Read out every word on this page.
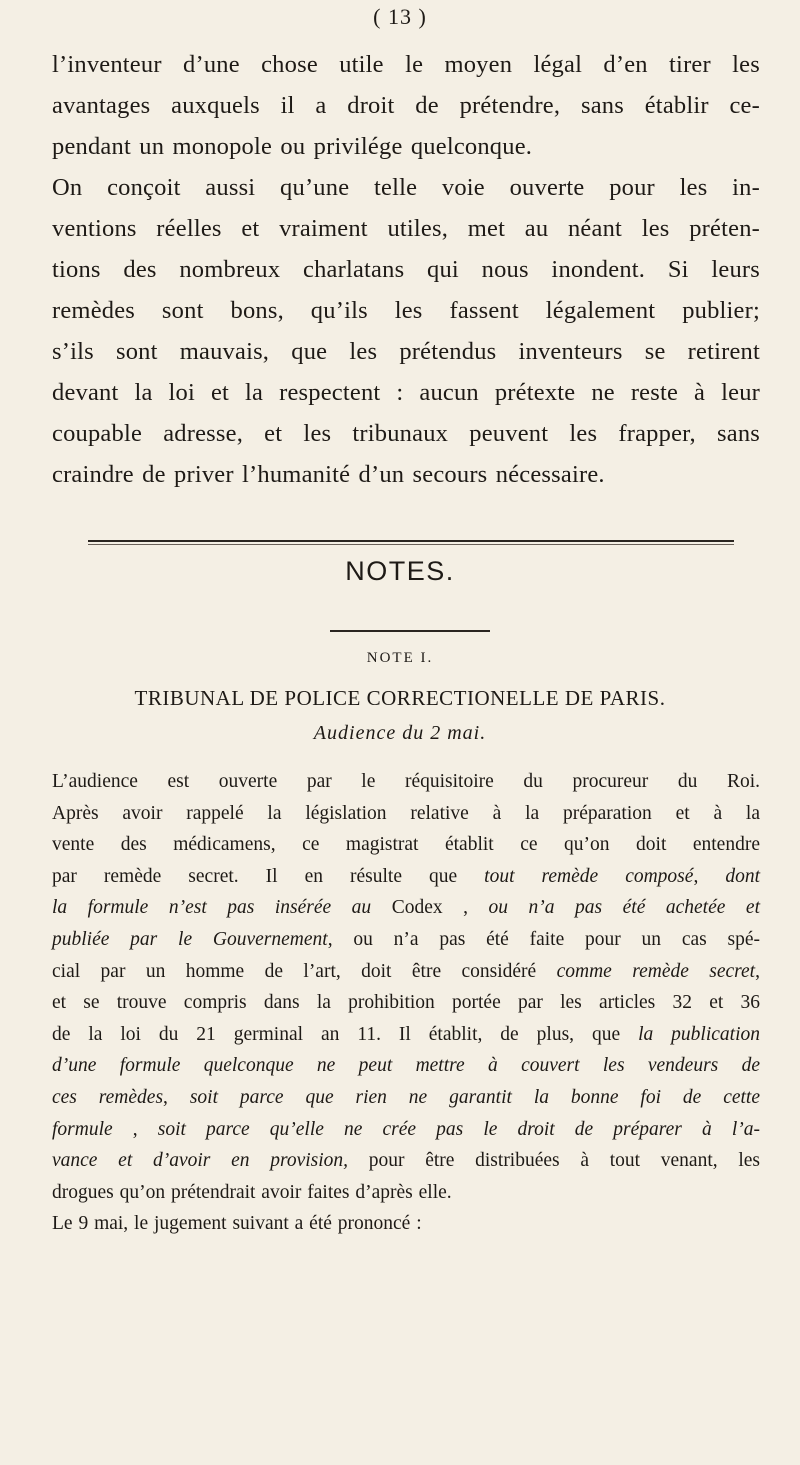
( 13 )
l’inventeur d’une chose utile le moyen légal d’en tirer les
avantages auxquels il a droit de prétendre, sans établir ce-
pendant un monopole ou privilége quelconque.
On conçoit aussi qu’une telle voie ouverte pour les in-
ventions réelles et vraiment utiles, met au néant les préten-
tions des nombreux charlatans qui nous inondent. Si leurs
remèdes sont bons, qu’ils les fassent légalement publier;
s’ils sont mauvais, que les prétendus inventeurs se retirent
devant la loi et la respectent : aucun prétexte ne reste à leur
coupable adresse, et les tribunaux peuvent les frapper, sans
craindre de priver l’humanité d’un secours nécessaire.
NOTES.
NOTE I.
TRIBUNAL DE POLICE CORRECTIONELLE DE PARIS.
Audience du 2 mai.
L’audience est ouverte par le réquisitoire du procureur du Roi.
Après avoir rappelé la législation relative à la préparation et à la
vente des médicamens, ce magistrat établit ce qu’on doit entendre
par remède secret. Il en résulte que tout remède composé, dont
la formule n’est pas insérée au Codex , ou n’a pas été achetée et
publiée par le Gouvernement, ou n’a pas été faite pour un cas spé-
cial par un homme de l’art, doit être considéré comme remède secret,
et se trouve compris dans la prohibition portée par les articles 32 et 36
de la loi du 21 germinal an 11. Il établit, de plus, que la publication
d’une formule quelconque ne peut mettre à couvert les vendeurs de
ces remèdes, soit parce que rien ne garantit la bonne foi de cette
formule , soit parce qu’elle ne crée pas le droit de préparer à l’a-
vance et d’avoir en provision, pour être distribuées à tout venant, les
drogues qu’on prétendrait avoir faites d’après elle.
Le 9 mai, le jugement suivant a été prononcé :
